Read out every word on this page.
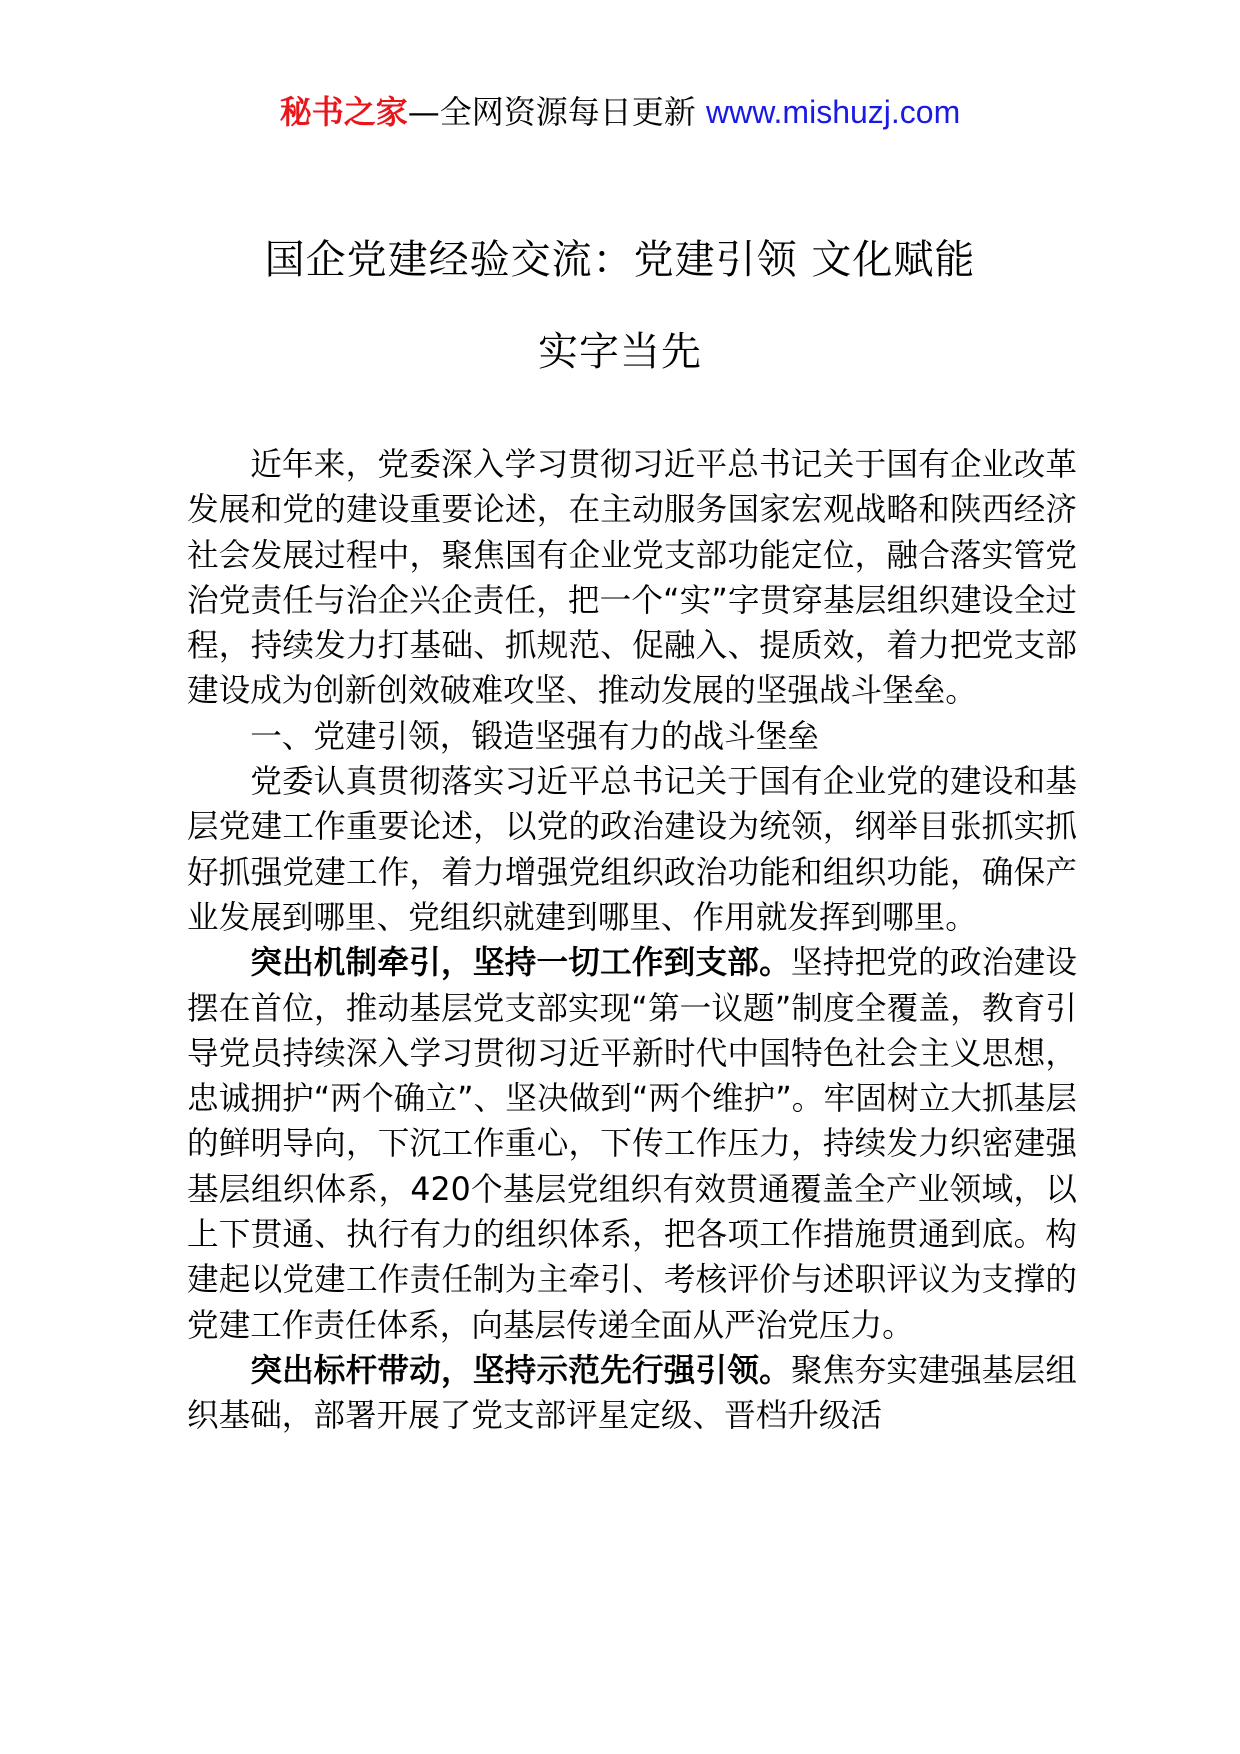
秘书之家—全网资源每日更新 www.mishuzj.com
国企党建经验交流：党建引领 文化赋能
实字当先

近年来，党委深入学习贯彻习近平总书记关于国有企业改革发展和党的建设重要论述，在主动服务国家宏观战略和陕西经济社会发展过程中，聚焦国有企业党支部功能定位，融合落实管党治党责任与治企兴企责任，把一个“实”字贯穿基层组织建设全过程，持续发力打基础、抓规范、促融入、提质效，着力把党支部建设成为创新创效破难攻坚、推动发展的坚强战斗堡垒。

一、党建引领，锻造坚强有力的战斗堡垒

党委认真贯彻落实习近平总书记关于国有企业党的建设和基层党建工作重要论述，以党的政治建设为统领，纲举目张抓实抓好抓强党建工作，着力增强党组织政治功能和组织功能，确保产业发展到哪里、党组织就建到哪里、作用就发挥到哪里。

突出机制牵引，坚持一切工作到支部。坚持把党的政治建设摆在首位，推动基层党支部实现“第一议题”制度全覆盖，教育引导党员持续深入学习贯彻习近平新时代中国特色社会主义思想，忠诚拥护“两个确立”、坚决做到“两个维护”。牢固树立大抓基层的鲜明导向，下沉工作重心，下传工作压力，持续发力织密建强基层组织体系，420个基层党组织有效贯通覆盖全产业领域，以上下贯通、执行有力的组织体系，把各项工作措施贯通到底。构建起以党建工作责任制为主牵引、考核评价与述职评议为支撑的党建工作责任体系，向基层传递全面从严治党压力。

突出标杆带动，坚持示范先行强引领。聚焦夯实建强基层组织基础，部署开展了党支部评星定级、晋档升级活
